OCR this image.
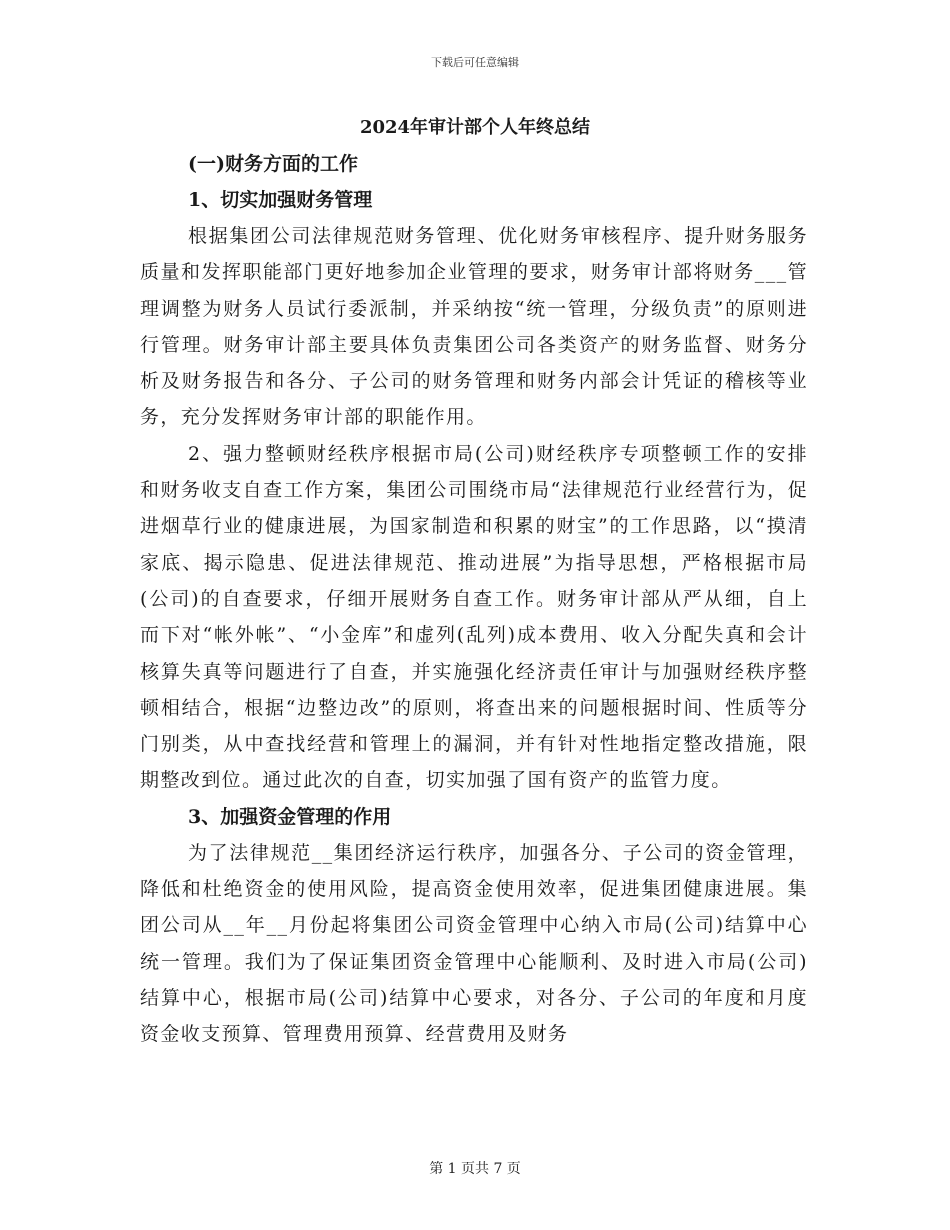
下载后可任意编辑
2024年审计部个人年终总结

(一)财务方面的工作

1、切实加强财务管理

根据集团公司法律规范财务管理、优化财务审核程序、提升财务服务质量和发挥职能部门更好地参加企业管理的要求，财务审计部将财务___管理调整为财务人员试行委派制，并采纳按“统一管理，分级负责”的原则进行管理。财务审计部主要具体负责集团公司各类资产的财务监督、财务分析及财务报告和各分、子公司的财务管理和财务内部会计凭证的稽核等业务，充分发挥财务审计部的职能作用。

2、强力整顿财经秩序根据市局(公司)财经秩序专项整顿工作的安排和财务收支自查工作方案，集团公司围绕市局“法律规范行业经营行为，促进烟草行业的健康进展，为国家制造和积累的财宝”的工作思路，以“摸清家底、揭示隐患、促进法律规范、推动进展”为指导思想，严格根据市局(公司)的自查要求，仔细开展财务自查工作。财务审计部从严从细，自上而下对“帐外帐”、“小金库”和虚列(乱列)成本费用、收入分配失真和会计核算失真等问题进行了自查，并实施强化经济责任审计与加强财经秩序整顿相结合，根据“边整边改”的原则，将查出来的问题根据时间、性质等分门别类，从中查找经营和管理上的漏洞，并有针对性地指定整改措施，限期整改到位。通过此次的自查，切实加强了国有资产的监管力度。

3、加强资金管理的作用

为了法律规范__集团经济运行秩序，加强各分、子公司的资金管理，降低和杜绝资金的使用风险，提高资金使用效率，促进集团健康进展。集团公司从__年__月份起将集团公司资金管理中心纳入市局(公司)结算中心统一管理。我们为了保证集团资金管理中心能顺利、及时进入市局(公司)结算中心，根据市局(公司)结算中心要求，对各分、子公司的年度和月度资金收支预算、管理费用预算、经营费用及财务

第 1 页共 7 页
